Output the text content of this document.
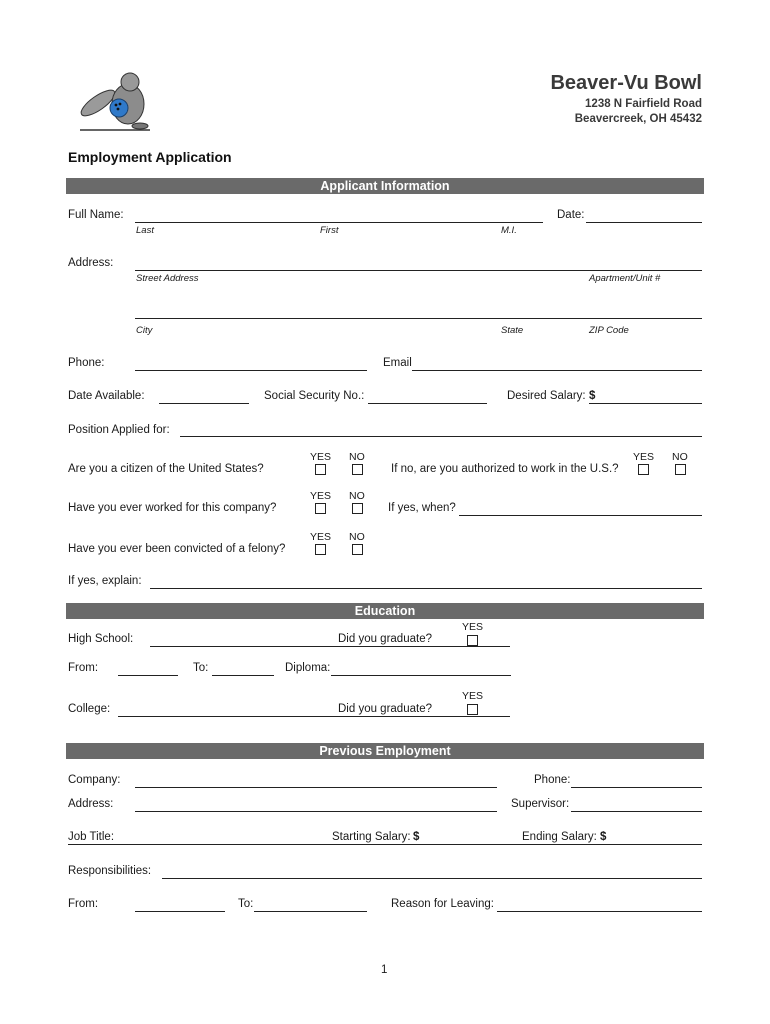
Beaver-Vu Bowl
1238 N Fairfield Road
Beavercreek, OH 45432
Employment Application
Applicant Information
Full Name:	Date:
Last	First	M.I.
Address:
Street Address	Apartment/Unit #
City	State	ZIP Code
Phone:	Email
Date Available:	Social Security No.:	Desired Salary: $
Position Applied for:
YES NO
Are you a citizen of the United States?
YES NO
If no, are you authorized to work in the U.S.?
YES NO
Have you ever worked for this company?	If yes, when?
YES NO
Have you ever been convicted of a felony?
If yes, explain:
Education
YES
High School:	Did you graduate?
From:	To:	Diploma:
YES
College:	Did you graduate?
Previous Employment
Company:	Phone:
Address:	Supervisor:
Job Title:	Starting Salary: $	Ending Salary: $
Responsibilities:
From:	To:	Reason for Leaving:
1
